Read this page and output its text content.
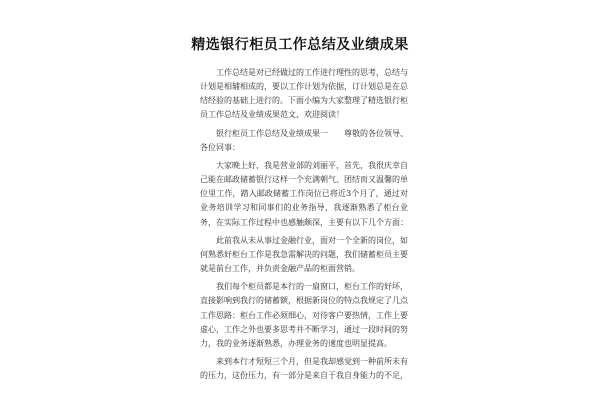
精选银行柜员工作总结及业绩成果

工作总结是对已经做过的工作进行理性的思考，总结与计划是相辅相成的，要以工作计划为依据，订计划总是在总结经验的基础上进行的。下面小编为大家整理了精选银行柜员工作总结及业绩成果范文，欢迎阅读！

银行柜员工作总结及业绩成果一　　尊敬的各位领导、各位同事：

大家晚上好，我是营业部的刘丽平，首先，我很庆幸自己能在邮政储蓄银行这样一个充满朝气、团结而又温馨的单位里工作，踏入邮政储蓄工作岗位已将近3个月了，通过对业务培训学习和同事们的业务指导，我逐渐熟悉了柜台业务，在实际工作过程中也感触颇深，主要有以下几个方面：

此前我从未从事过金融行业，面对一个全新的岗位，如何熟悉好柜台工作是我急需解决的问题，我们储蓄柜员主要就是前台工作，并负责金融产品的柜面营销。

我们每个柜员都是本行的一扇窗口，柜台工作的好坏，直接影响到我行的储蓄额，根据新岗位的特点我规定了几点工作思路：柜台工作必须细心，对待客户要热情，工作上要虚心，工作之外也要多思考并不断学习，通过一段时间的努力，我的业务逐渐熟悉，办理业务的速度也明显提高。

来到本行才短短三个月，但是我却感觉到一种前所未有的压力，这份压力，有一部分是来自于我自身能力的不足，
